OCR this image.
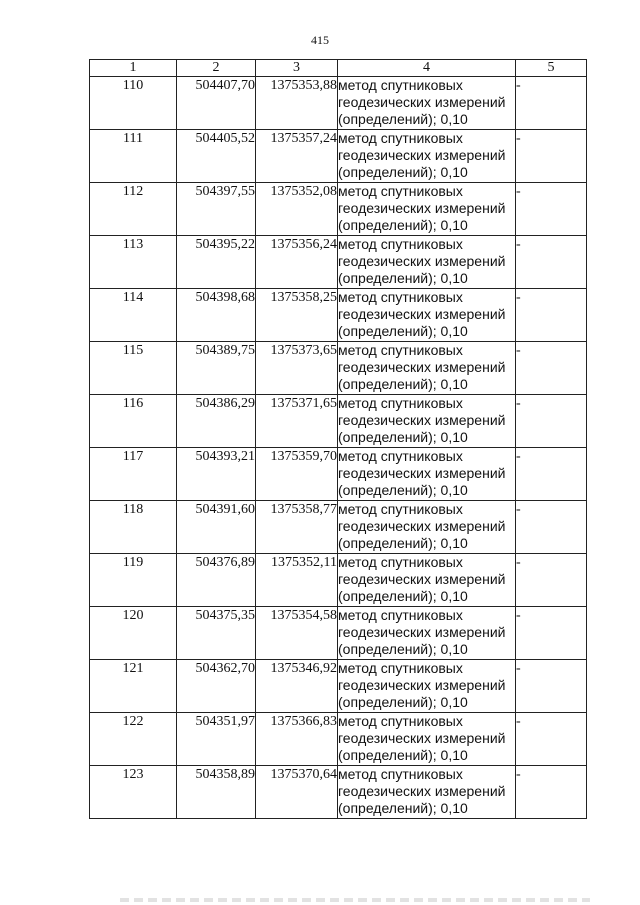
415
1	2	3	4	5
110	504407,70	1375353,88	метод спутниковых
геодезических измерений
(определений); 0,10	-
111	504405,52	1375357,24	метод спутниковых
геодезических измерений
(определений); 0,10	-
112	504397,55	1375352,08	метод спутниковых
геодезических измерений
(определений); 0,10	-
113	504395,22	1375356,24	метод спутниковых
геодезических измерений
(определений); 0,10	-
114	504398,68	1375358,25	метод спутниковых
геодезических измерений
(определений); 0,10	-
115	504389,75	1375373,65	метод спутниковых
геодезических измерений
(определений); 0,10	-
116	504386,29	1375371,65	метод спутниковых
геодезических измерений
(определений); 0,10	-
117	504393,21	1375359,70	метод спутниковых
геодезических измерений
(определений); 0,10	-
118	504391,60	1375358,77	метод спутниковых
геодезических измерений
(определений); 0,10	-
119	504376,89	1375352,11	метод спутниковых
геодезических измерений
(определений); 0,10	-
120	504375,35	1375354,58	метод спутниковых
геодезических измерений
(определений); 0,10	-
121	504362,70	1375346,92	метод спутниковых
геодезических измерений
(определений); 0,10	-
122	504351,97	1375366,83	метод спутниковых
геодезических измерений
(определений); 0,10	-
123	504358,89	1375370,64	метод спутниковых
геодезических измерений
(определений); 0,10	-
